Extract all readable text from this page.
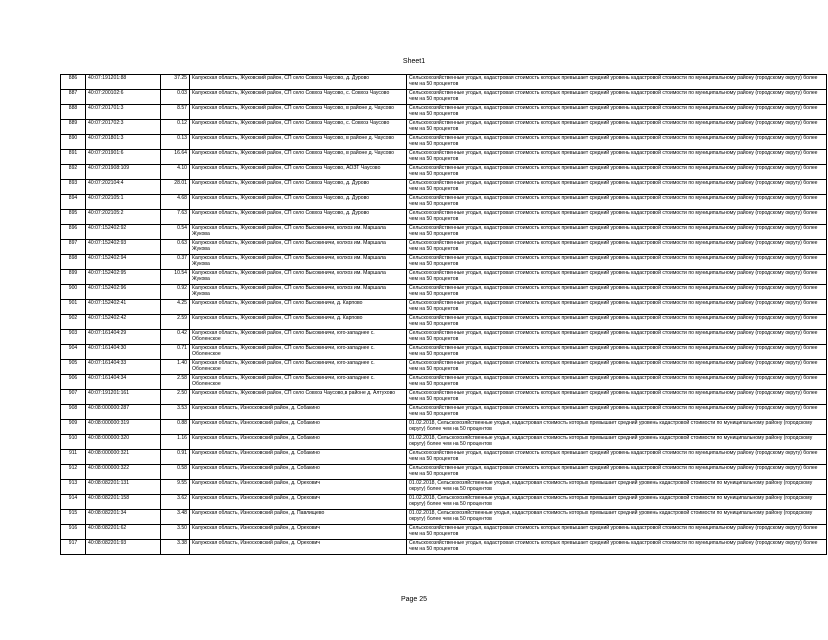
Sheet1
886	40:07:191201:88	37.25	Калужская область, Жуковский район, СП село Совхоз Чаусово, д. Дурово	Сельскохозяйственные угодья, кадастровая стоимость которых превышает средний уровень кадастровой стоимости по муниципальному району (городскому округу) более чем на 50 процентов
887	40:07:200102:6	0.03	Калужская область, Жуковский район, СП село Совхоз Чаусово, с. Совхоз Чаусово	Сельскохозяйственные угодья, кадастровая стоимость которых превышает средний уровень кадастровой стоимости по муниципальному району (городскому округу) более чем на 50 процентов
888	40:07:201701:3	8.57	Калужская область, Жуковский район, СП село Совхоз Чаусово, в районе д. Чаусово	Сельскохозяйственные угодья, кадастровая стоимость которых превышает средний уровень кадастровой стоимости по муниципальному району (городскому округу) более чем на 50 процентов
889	40:07:201702:3	0.12	Калужская область, Жуковский район, СП село Совхоз Чаусово, с. Совхоз Чаусово	Сельскохозяйственные угодья, кадастровая стоимость которых превышает средний уровень кадастровой стоимости по муниципальному району (городскому округу) более чем на 50 процентов
890	40:07:201801:3	0.13	Калужская область, Жуковский район, СП село Совхоз Чаусово, в районе д. Чаусово	Сельскохозяйственные угодья, кадастровая стоимость которых превышает средний уровень кадастровой стоимости по муниципальному району (городскому округу) более чем на 50 процентов
891	40:07:201901:6	16.64	Калужская область, Жуковский район, СП село Совхоз Чаусово, в районе д. Чаусово	Сельскохозяйственные угодья, кадастровая стоимость которых превышает средний уровень кадастровой стоимости по муниципальному району (городскому округу) более чем на 50 процентов
892	40:07:201908:109	4.10	Калужская область, Жуковский район, СП село Совхоз Чаусово, АОЗТ Чаусово	Сельскохозяйственные угодья, кадастровая стоимость которых превышает средний уровень кадастровой стоимости по муниципальному району (городскому округу) более чем на 50 процентов
893	40:07:202104:4	28.01	Калужская область, Жуковский район, СП село Совхоз Чаусово, д. Дурово	Сельскохозяйственные угодья, кадастровая стоимость которых превышает средний уровень кадастровой стоимости по муниципальному району (городскому округу) более чем на 50 процентов
894	40:07:202105:1	4.68	Калужская область, Жуковский район, СП село Совхоз Чаусово, д. Дурово	Сельскохозяйственные угодья, кадастровая стоимость которых превышает средний уровень кадастровой стоимости по муниципальному району (городскому округу) более чем на 50 процентов
895	40:07:202105:2	7.63	Калужская область, Жуковский район, СП село Совхоз Чаусово, д. Дурово	Сельскохозяйственные угодья, кадастровая стоимость которых превышает средний уровень кадастровой стоимости по муниципальному району (городскому округу) более чем на 50 процентов
896	40:07:152402:92	0.54	Калужская область, Жуковский район, СП село Высокиничи, колхоз им. Маршала Жукова	Сельскохозяйственные угодья, кадастровая стоимость которых превышает средний уровень кадастровой стоимости по муниципальному району (городскому округу) более чем на 50 процентов
897	40:07:152402:93	0.63	Калужская область, Жуковский район, СП село Высокиничи, колхоз им. Маршала Жукова	Сельскохозяйственные угодья, кадастровая стоимость которых превышает средний уровень кадастровой стоимости по муниципальному району (городскому округу) более чем на 50 процентов
898	40:07:152402:94	0.37	Калужская область, Жуковский район, СП село Высокиничи, колхоз им. Маршала Жукова	Сельскохозяйственные угодья, кадастровая стоимость которых превышает средний уровень кадастровой стоимости по муниципальному району (городскому округу) более чем на 50 процентов
899	40:07:152402:95	10.54	Калужская область, Жуковский район, СП село Высокиничи, колхоз им. Маршала Жукова	Сельскохозяйственные угодья, кадастровая стоимость которых превышает средний уровень кадастровой стоимости по муниципальному району (городскому округу) более чем на 50 процентов
900	40:07:152402:96	0.92	Калужская область, Жуковский район, СП село Высокиничи, колхоз им. Маршала Жукова	Сельскохозяйственные угодья, кадастровая стоимость которых превышает средний уровень кадастровой стоимости по муниципальному району (городскому округу) более чем на 50 процентов
901	40:07:152402:41	4.25	Калужская область, Жуковский район, СП село Высокиничи, д. Карпово	Сельскохозяйственные угодья, кадастровая стоимость которых превышает средний уровень кадастровой стоимости по муниципальному району (городскому округу) более чем на 50 процентов
902	40:07:152402:42	2.59	Калужская область, Жуковский район, СП село Высокиничи, д. Карпово	Сельскохозяйственные угодья, кадастровая стоимость которых превышает средний уровень кадастровой стоимости по муниципальному району (городскому округу) более чем на 50 процентов
903	40:07:161404:29	0.42	Калужская область, Жуковский район, СП село Высокиничи, юго-западнее с. Оболенское	Сельскохозяйственные угодья, кадастровая стоимость которых превышает средний уровень кадастровой стоимости по муниципальному району (городскому округу) более чем на 50 процентов
904	40:07:161404:30	0.71	Калужская область, Жуковский район, СП село Высокиничи, юго-западнее с. Оболенское	Сельскохозяйственные угодья, кадастровая стоимость которых превышает средний уровень кадастровой стоимости по муниципальному району (городскому округу) более чем на 50 процентов
905	40:07:161404:33	1.40	Калужская область, Жуковский район, СП село Высокиничи, юго-западнее с. Оболенское	Сельскохозяйственные угодья, кадастровая стоимость которых превышает средний уровень кадастровой стоимости по муниципальному району (городскому округу) более чем на 50 процентов
906	40:07:161404:34	2.58	Калужская область, Жуковский район, СП село Высокиничи, юго-западнее с. Оболенское	Сельскохозяйственные угодья, кадастровая стоимость которых превышает средний уровень кадастровой стоимости по муниципальному району (городскому округу) более чем на 50 процентов
907	40:07:191201:161	2.50	Калужская область, Жуковский район, СП село Совхоз Чаусово,в районе д. Алтухово	Сельскохозяйственные угодья, кадастровая стоимость которых превышает средний уровень кадастровой стоимости по муниципальному району (городскому округу) более чем на 50 процентов
908	40:08:000000:287	3.53	Калужская область, Износковский район, д. Собакино	Сельскохозяйственные угодья, кадастровая стоимость которых превышает средний уровень кадастровой стоимости по муниципальному району (городскому округу) более чем на 50 процентов
909	40:08:000000:319	0.88	Калужская область, Износковский район, д. Собакино	01.02.2018, Сельскохозяйственные угодья, кадастровая стоимость которых превышает средний уровень кадастровой стоимости по муниципальному району (городскому округу) более чем на 50 процентов
910	40:08:000000:320	1.16	Калужская область, Износковский район, д. Собакино	01.02.2018, Сельскохозяйственные угодья, кадастровая стоимость которых превышает средний уровень кадастровой стоимости по муниципальному району (городскому округу) более чем на 50 процентов
911	40:08:000000:321	0.91	Калужская область, Износковский район, д. Собакино	Сельскохозяйственные угодья, кадастровая стоимость которых превышает средний уровень кадастровой стоимости по муниципальному району (городскому округу) более чем на 50 процентов
912	40:08:000000:322	0.58	Калужская область, Износковский район, д. Собакино	Сельскохозяйственные угодья, кадастровая стоимость которых превышает средний уровень кадастровой стоимости по муниципальному району (городскому округу) более чем на 50 процентов
913	40:08:082201:131	9.55	Калужская область, Износковский район, д. Орехович	01.02.2018, Сельскохозяйственные угодья, кадастровая стоимость которых превышает средний уровень кадастровой стоимости по муниципальному району (городскому округу) более чем на 50 процентов
914	40:08:082201:158	3.62	Калужская область, Износковский район, д. Орехович	01.02.2018, Сельскохозяйственные угодья, кадастровая стоимость которых превышает средний уровень кадастровой стоимости по муниципальному району (городскому округу) более чем на 50 процентов
915	40:08:082201:34	3.48	Калужская область, Износковский район, д. Павлищево	01.02.2018, Сельскохозяйственные угодья, кадастровая стоимость которых превышает средний уровень кадастровой стоимости по муниципальному району (городскому округу) более чем на 50 процентов
916	40:08:082201:62	3.50	Калужская область, Износковский район, д. Орехович	Сельскохозяйственные угодья, кадастровая стоимость которых превышает средний уровень кадастровой стоимости по муниципальному району (городскому округу) более чем на 50 процентов
917	40:08:082201:93	3.38	Калужская область, Износковский район, д. Орехович	Сельскохозяйственные угодья, кадастровая стоимость которых превышает средний уровень кадастровой стоимости по муниципальному району (городскому округу) более чем на 50 процентов
Page 25
